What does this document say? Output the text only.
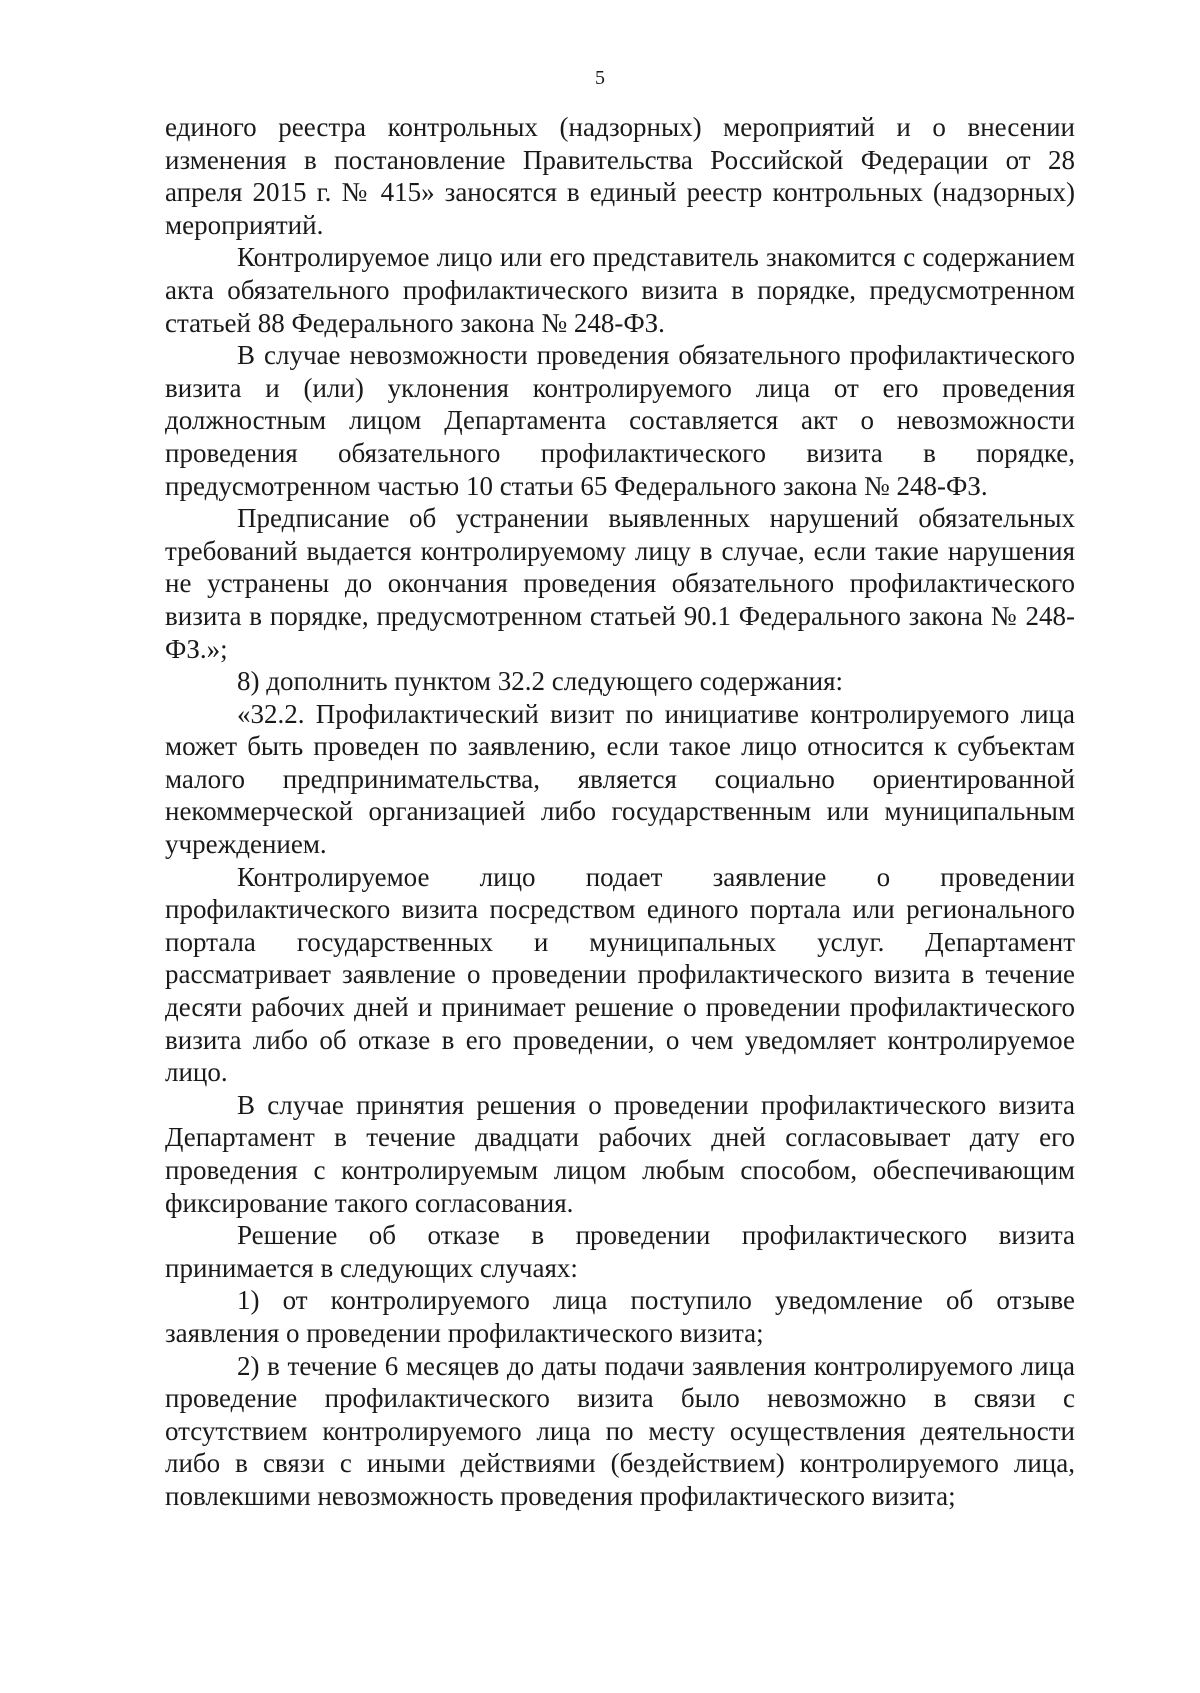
5

единого реестра контрольных (надзорных) мероприятий и о внесении изменения в постановление Правительства Российской Федерации от 28 апреля 2015 г. № 415» заносятся в единый реестр контрольных (надзорных) мероприятий.

Контролируемое лицо или его представитель знакомится с содержанием акта обязательного профилактического визита в порядке, предусмотренном статьей 88 Федерального закона № 248-ФЗ.

В случае невозможности проведения обязательного профилактического визита и (или) уклонения контролируемого лица от его проведения должностным лицом Департамента составляется акт о невозможности проведения обязательного профилактического визита в порядке, предусмотренном частью 10 статьи 65 Федерального закона № 248-ФЗ.

Предписание об устранении выявленных нарушений обязательных требований выдается контролируемому лицу в случае, если такие нарушения не устранены до окончания проведения обязательного профилактического визита в порядке, предусмотренном статьей 90.1 Федерального закона № 248-ФЗ.»;

8) дополнить пунктом 32.2 следующего содержания:

«32.2. Профилактический визит по инициативе контролируемого лица может быть проведен по заявлению, если такое лицо относится к субъектам малого предпринимательства, является социально ориентированной некоммерческой организацией либо государственным или муниципальным учреждением.

Контролируемое лицо подает заявление о проведении профилактического визита посредством единого портала или регионального портала государственных и муниципальных услуг. Департамент рассматривает заявление о проведении профилактического визита в течение десяти рабочих дней и принимает решение о проведении профилактического визита либо об отказе в его проведении, о чем уведомляет контролируемое лицо.

В случае принятия решения о проведении профилактического визита Департамент в течение двадцати рабочих дней согласовывает дату его проведения с контролируемым лицом любым способом, обеспечивающим фиксирование такого согласования.

Решение об отказе в проведении профилактического визита принимается в следующих случаях:

1) от контролируемого лица поступило уведомление об отзыве заявления о проведении профилактического визита;

2) в течение 6 месяцев до даты подачи заявления контролируемого лица проведение профилактического визита было невозможно в связи с отсутствием контролируемого лица по месту осуществления деятельности либо в связи с иными действиями (бездействием) контролируемого лица, повлекшими невозможность проведения профилактического визита;
